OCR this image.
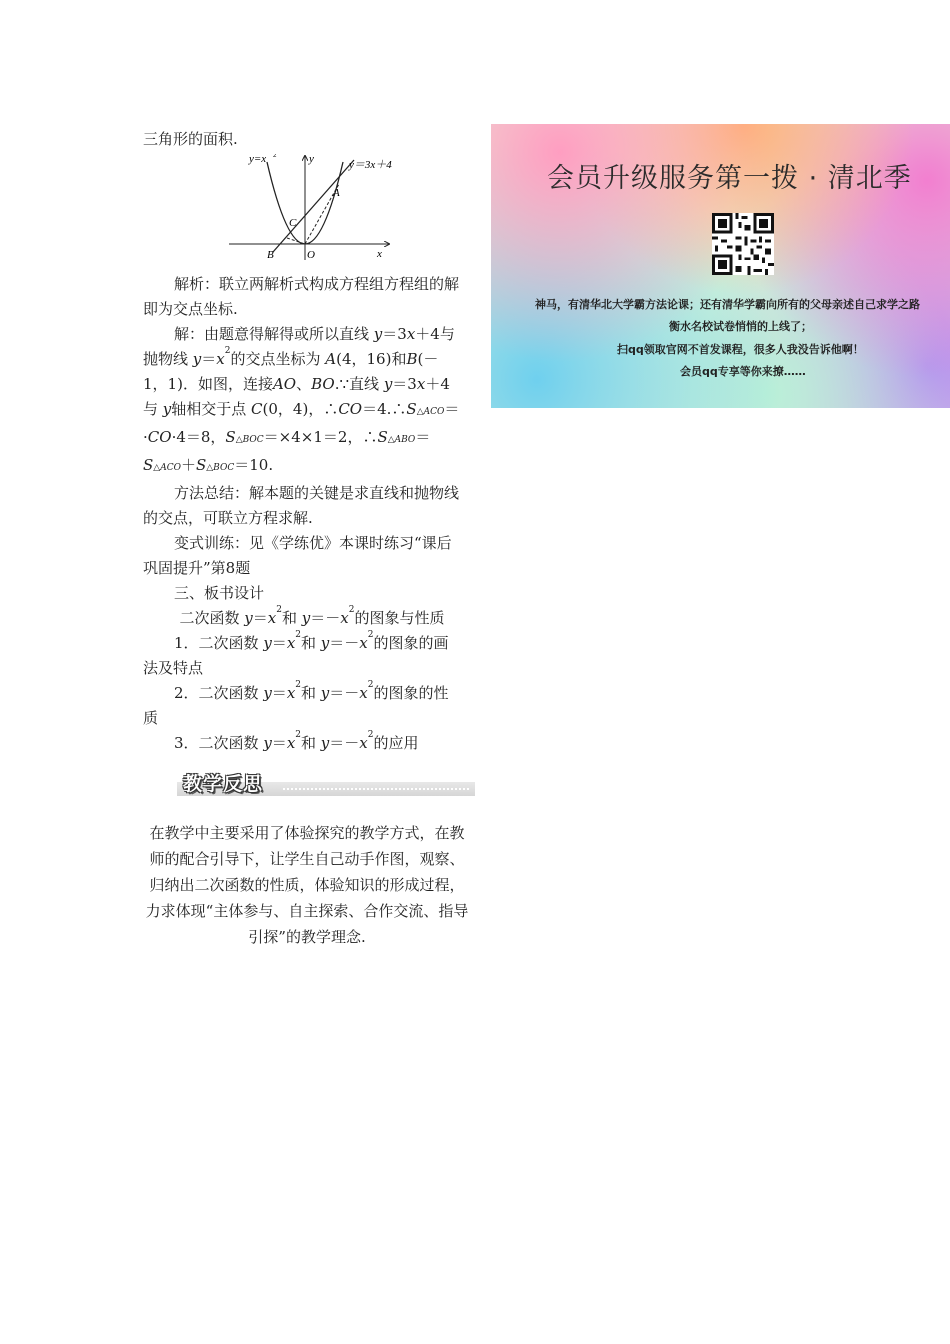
三角形的面积.

y=x 2
y＝3x＋4
y
x
A
B
C
O

解析：联立两解析式构成方程组方程组的解即为交点坐标.

解：由题意得解得或所以直线 y＝3x＋4与抛物线 $y=x^2$的交点坐标为 A(4，16)和B(－1，1)．如图，连接AO、BO.∵直线 y＝3x＋4与 y轴相交于点 C(0，4)，∴CO＝4.∴S△ACO＝·CO·4＝8，S△BOC＝×4×1＝2，∴S△ABO＝S△ACO＋S△BOC＝10.

方法总结：解本题的关键是求直线和抛物线的交点，可联立方程求解.

变式训练：见《学练优》本课时练习“课后巩固提升”第8题

三、板书设计

二次函数 $y=x^2$和 $y=-x^2$的图象与性质

1．二次函数 $y=x^2$和 $y=-x^2$的图象的画法及特点

2．二次函数 $y=x^2$和 $y=-x^2$的图象的性质

3．二次函数 $y=x^2$和 $y=-x^2$的应用

教学反思
在教学中主要采用了体验探究的教学方式，在教师的配合引导下，让学生自己动手作图，观察、归纳出二次函数的性质，体验知识的形成过程，力求体现“主体参与、自主探索、合作交流、指导引探”的教学理念.
会员升级服务第一拨 · 清北季
神马，有清华北大学霸方法论课；还有清华学霸向所有的父母亲述自己求学之路
衡水名校试卷悄悄的上线了；
扫qq领取官网不首发课程，很多人我没告诉他啊！
会员qq专享等你来撩……
